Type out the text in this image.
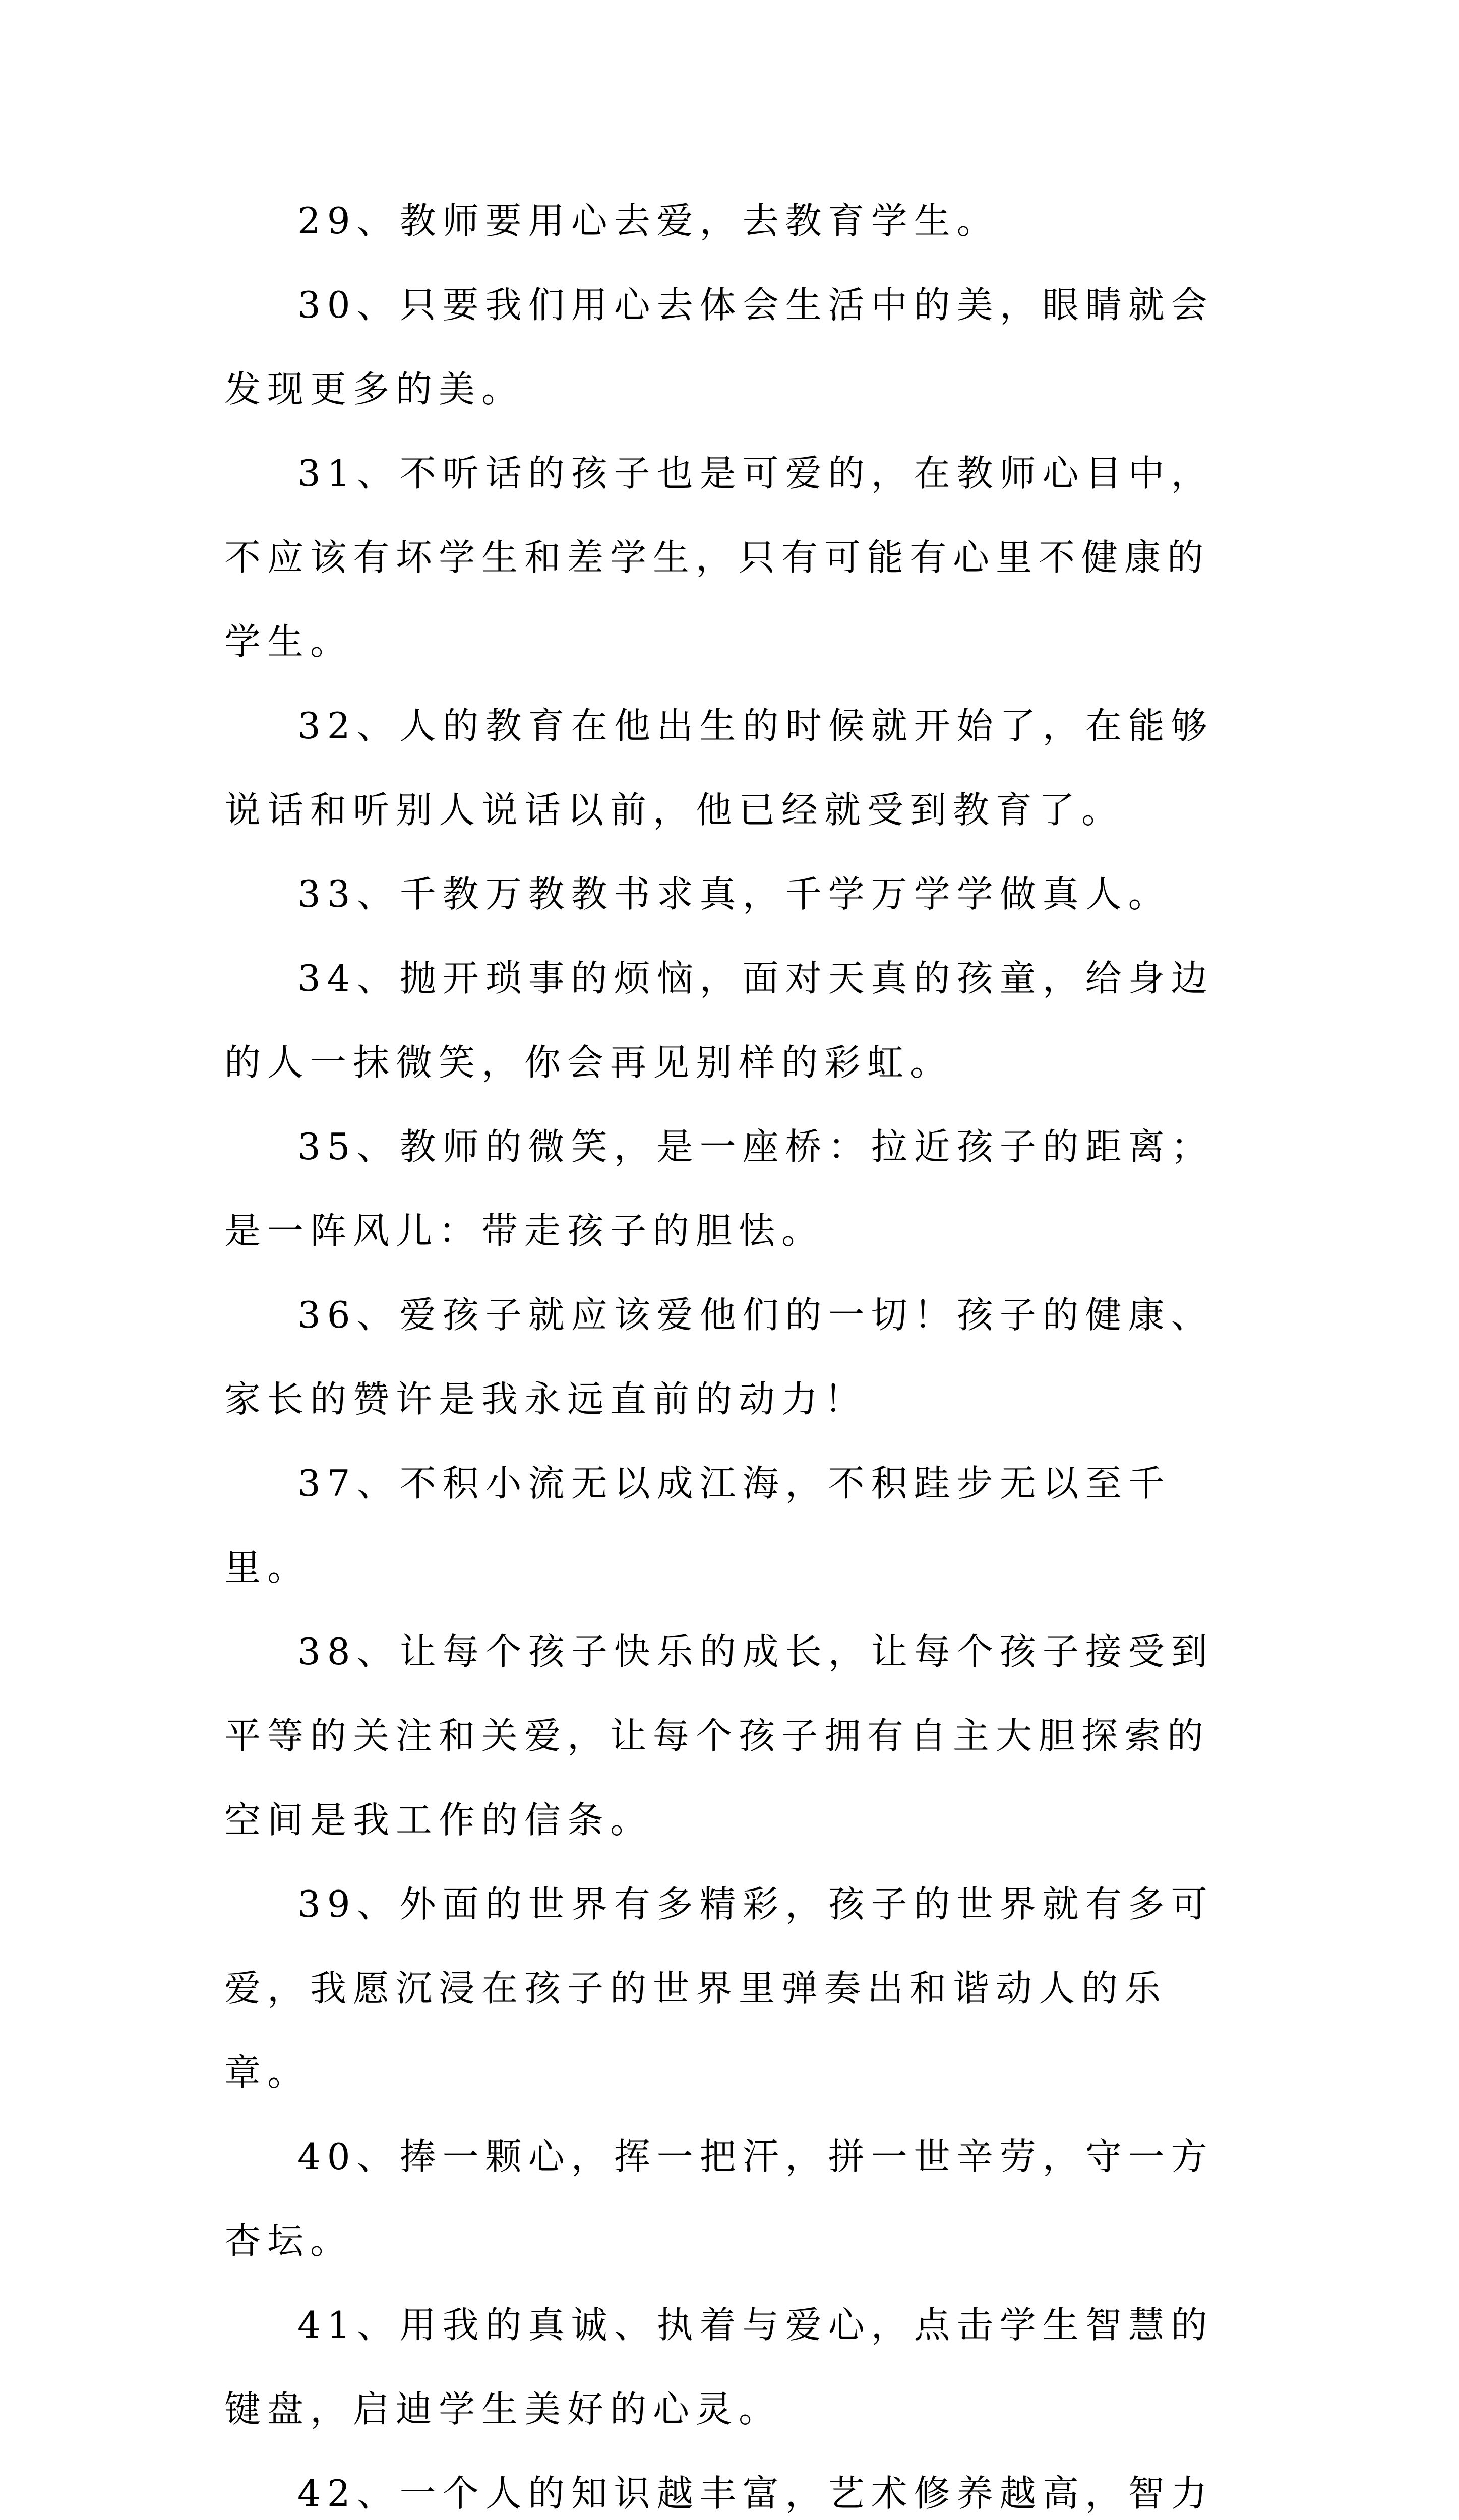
29、教师要用心去爱，去教育学生。

30、只要我们用心去体会生活中的美，眼睛就会发现更多的美。

31、不听话的孩子也是可爱的，在教师心目中，不应该有坏学生和差学生，只有可能有心里不健康的学生。

32、人的教育在他出生的时候就开始了，在能够说话和听别人说话以前，他已经就受到教育了。

33、千教万教教书求真，千学万学学做真人。

34、抛开琐事的烦恼，面对天真的孩童，给身边的人一抹微笑，你会再见别样的彩虹。

35、教师的微笑，是一座桥：拉近孩子的距离；是一阵风儿：带走孩子的胆怯。

36、爱孩子就应该爱他们的一切！孩子的健康、家长的赞许是我永远直前的动力！

37、不积小流无以成江海，不积跬步无以至千里。

38、让每个孩子快乐的成长，让每个孩子接受到平等的关注和关爱，让每个孩子拥有自主大胆探索的空间是我工作的信条。

39、外面的世界有多精彩，孩子的世界就有多可爱，我愿沉浸在孩子的世界里弹奏出和谐动人的乐章。

40、捧一颗心，挥一把汗，拼一世辛劳，守一方杏坛。

41、用我的真诚、执着与爱心，点击学生智慧的键盘，启迪学生美好的心灵。

42、一个人的知识越丰富，艺术修养越高，智力
